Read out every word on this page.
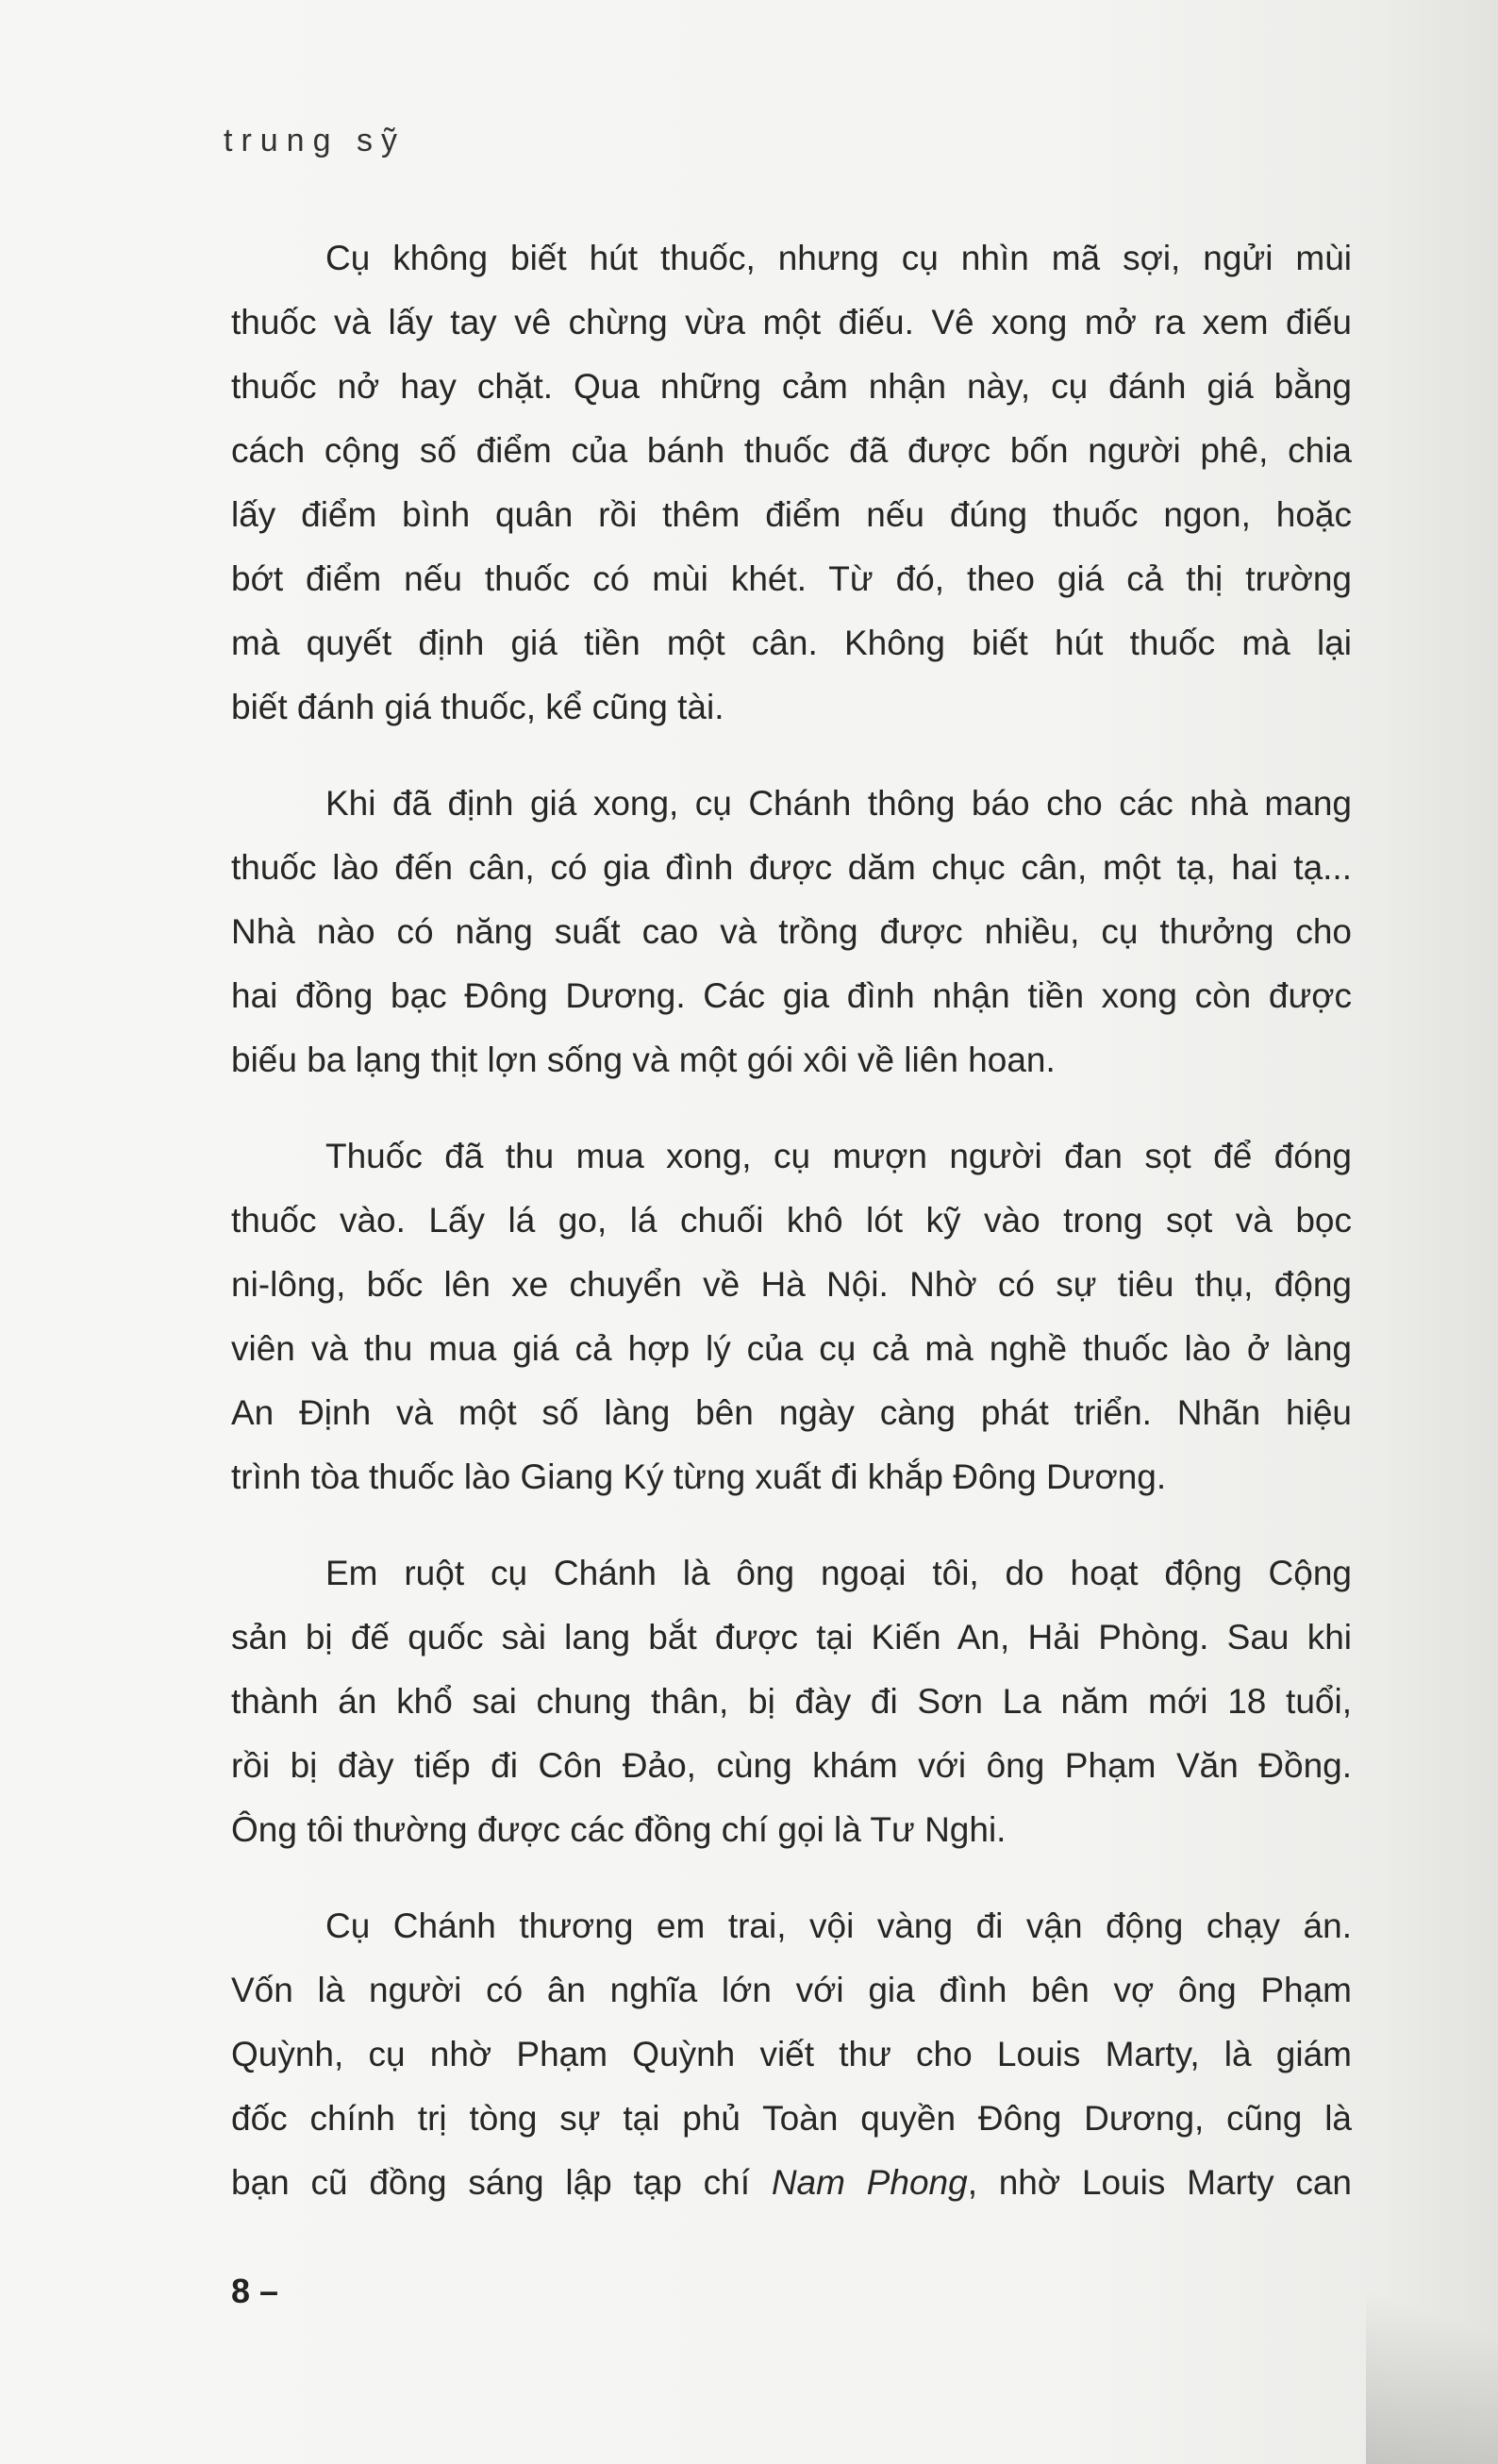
trung sỹ
Cụ không biết hút thuốc, nhưng cụ nhìn mã sợi, ngửi mùi
thuốc và lấy tay vê chừng vừa một điếu. Vê xong mở ra xem điếu
thuốc nở hay chặt. Qua những cảm nhận này, cụ đánh giá bằng
cách cộng số điểm của bánh thuốc đã được bốn người phê, chia
lấy điểm bình quân rồi thêm điểm nếu đúng thuốc ngon, hoặc
bớt điểm nếu thuốc có mùi khét. Từ đó, theo giá cả thị trường
mà quyết định giá tiền một cân. Không biết hút thuốc mà lại
biết đánh giá thuốc, kể cũng tài.
Khi đã định giá xong, cụ Chánh thông báo cho các nhà mang
thuốc lào đến cân, có gia đình được dăm chục cân, một tạ, hai tạ...
Nhà nào có năng suất cao và trồng được nhiều, cụ thưởng cho
hai đồng bạc Đông Dương. Các gia đình nhận tiền xong còn được
biếu ba lạng thịt lợn sống và một gói xôi về liên hoan.
Thuốc đã thu mua xong, cụ mượn người đan sọt để đóng
thuốc vào. Lấy lá go, lá chuối khô lót kỹ vào trong sọt và bọc
ni-lông, bốc lên xe chuyển về Hà Nội. Nhờ có sự tiêu thụ, động
viên và thu mua giá cả hợp lý của cụ cả mà nghề thuốc lào ở làng
An Định và một số làng bên ngày càng phát triển. Nhãn hiệu
trình tòa thuốc lào Giang Ký từng xuất đi khắp Đông Dương.
Em ruột cụ Chánh là ông ngoại tôi, do hoạt động Cộng
sản bị đế quốc sài lang bắt được tại Kiến An, Hải Phòng. Sau khi
thành án khổ sai chung thân, bị đày đi Sơn La năm mới 18 tuổi,
rồi bị đày tiếp đi Côn Đảo, cùng khám với ông Phạm Văn Đồng.
Ông tôi thường được các đồng chí gọi là Tư Nghi.
Cụ Chánh thương em trai, vội vàng đi vận động chạy án.
Vốn là người có ân nghĩa lớn với gia đình bên vợ ông Phạm
Quỳnh, cụ nhờ Phạm Quỳnh viết thư cho Louis Marty, là giám
đốc chính trị tòng sự tại phủ Toàn quyền Đông Dương, cũng là
bạn cũ đồng sáng lập tạp chí Nam Phong, nhờ Louis Marty can
8 –
